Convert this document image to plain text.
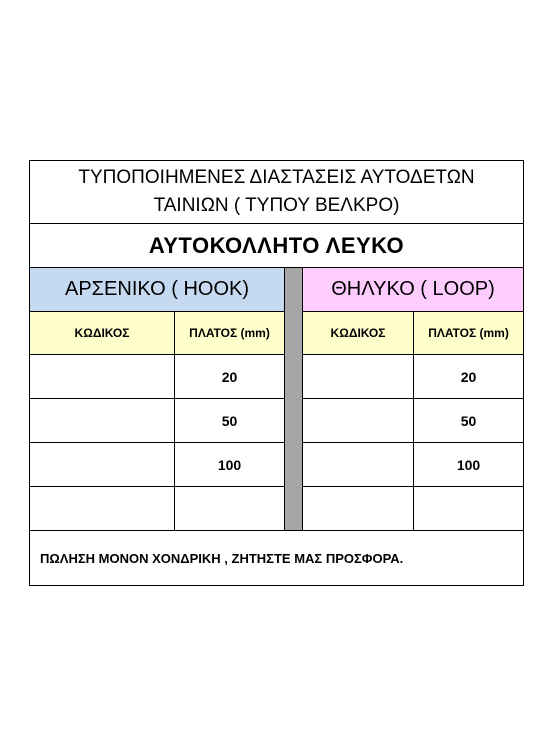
ΤΥΠΟΠΟΙΗΜΕΝΕΣ ΔΙΑΣΤΑΣΕΙΣ ΑΥΤΟΔΕΤΩΝ
ΤΑΙΝΙΩΝ ( ΤΥΠΟΥ ΒΕΛΚΡΟ)				

ΑΥΤΟΚΟΛΛΗΤΟ ΛΕΥΚΟ				
ΑΡΣΕΝΙΚΟ ( HOOK)			ΘΗΛΥΚΟ ( LOOP)	
ΚΩΔΙΚΟΣ	ΠΛΑΤΟΣ (mm)		ΚΩΔΙΚΟΣ	ΠΛΑΤΟΣ (mm)
	20			20
	50			50
	100			100

ΠΩΛΗΣΗ ΜΟΝΟΝ ΧΟΝΔΡΙΚΗ , ΖΗΤΗΣΤΕ ΜΑΣ ΠΡΟΣΦΟΡΑ.				
